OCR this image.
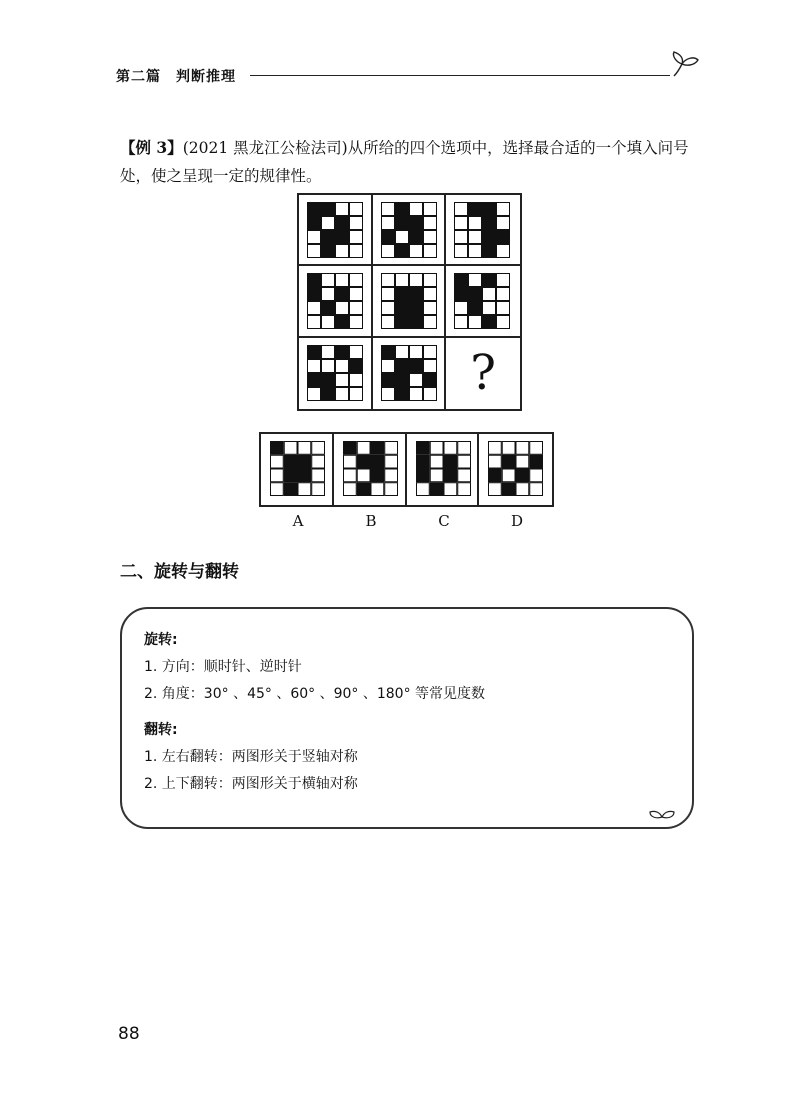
第二篇　判断推理
【例 3】(2021 黑龙江公检法司)从所给的四个选项中，选择最合适的一个填入问号处，使之呈现一定的规律性。
?
A	B	C	D
二、旋转与翻转
旋转:
1. 方向：顺时针、逆时针
2. 角度：30° 、45° 、60° 、90° 、180° 等常见度数
翻转:
1. 左右翻转：两图形关于竖轴对称
2. 上下翻转：两图形关于横轴对称
88
